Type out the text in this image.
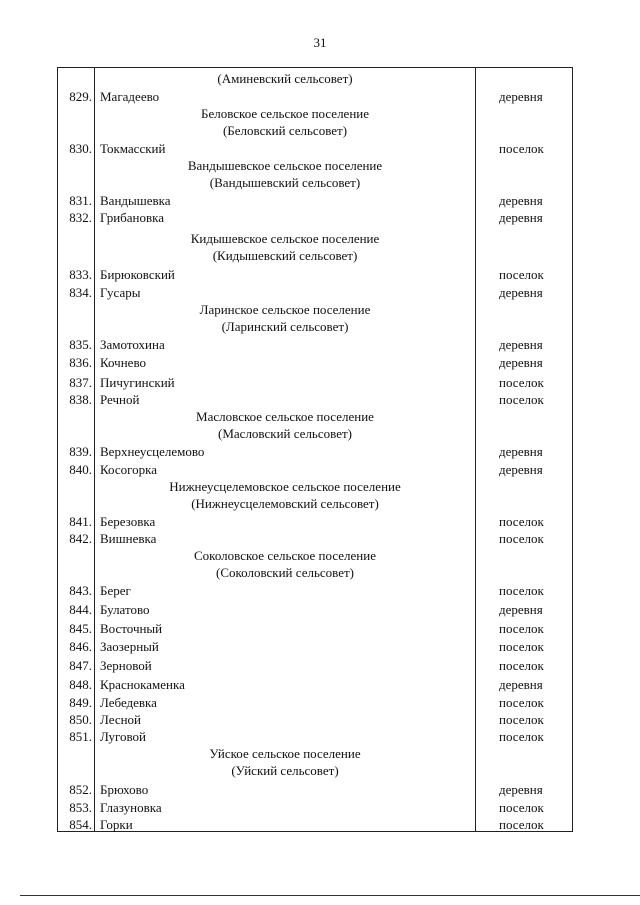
31
(Аминевский сельсовет)
829. Магадеево	деревня
Беловское сельское поселение
(Беловский сельсовет)
830. Токмасский	поселок
Вандышевское сельское поселение
(Вандышевский сельсовет)
831. Вандышевка	деревня
832. Грибановка	деревня
Кидышевское сельское поселение
(Кидышевский сельсовет)
833. Бирюковский	поселок
834. Гусары	деревня
Ларинское сельское поселение
(Ларинский сельсовет)
835. Замотохина	деревня
836. Кочнево	деревня
837. Пичугинский	поселок
838. Речной	поселок
Масловское сельское поселение
(Масловский сельсовет)
839. Верхнеусцелемово	деревня
840. Косогорка	деревня
Нижнеусцелемовское сельское поселение
(Нижнеусцелемовский сельсовет)
841. Березовка	поселок
842. Вишневка	поселок
Соколовское сельское поселение
(Соколовский сельсовет)
843. Берег	поселок
844. Булатово	деревня
845. Восточный	поселок
846. Заозерный	поселок
847. Зерновой	поселок
848. Краснокаменка	деревня
849. Лебедевка	поселок
850. Лесной	поселок
851. Луговой	поселок
Уйское сельское поселение
(Уйский сельсовет)
852. Брюхово	деревня
853. Глазуновка	поселок
854. Горки	поселок
